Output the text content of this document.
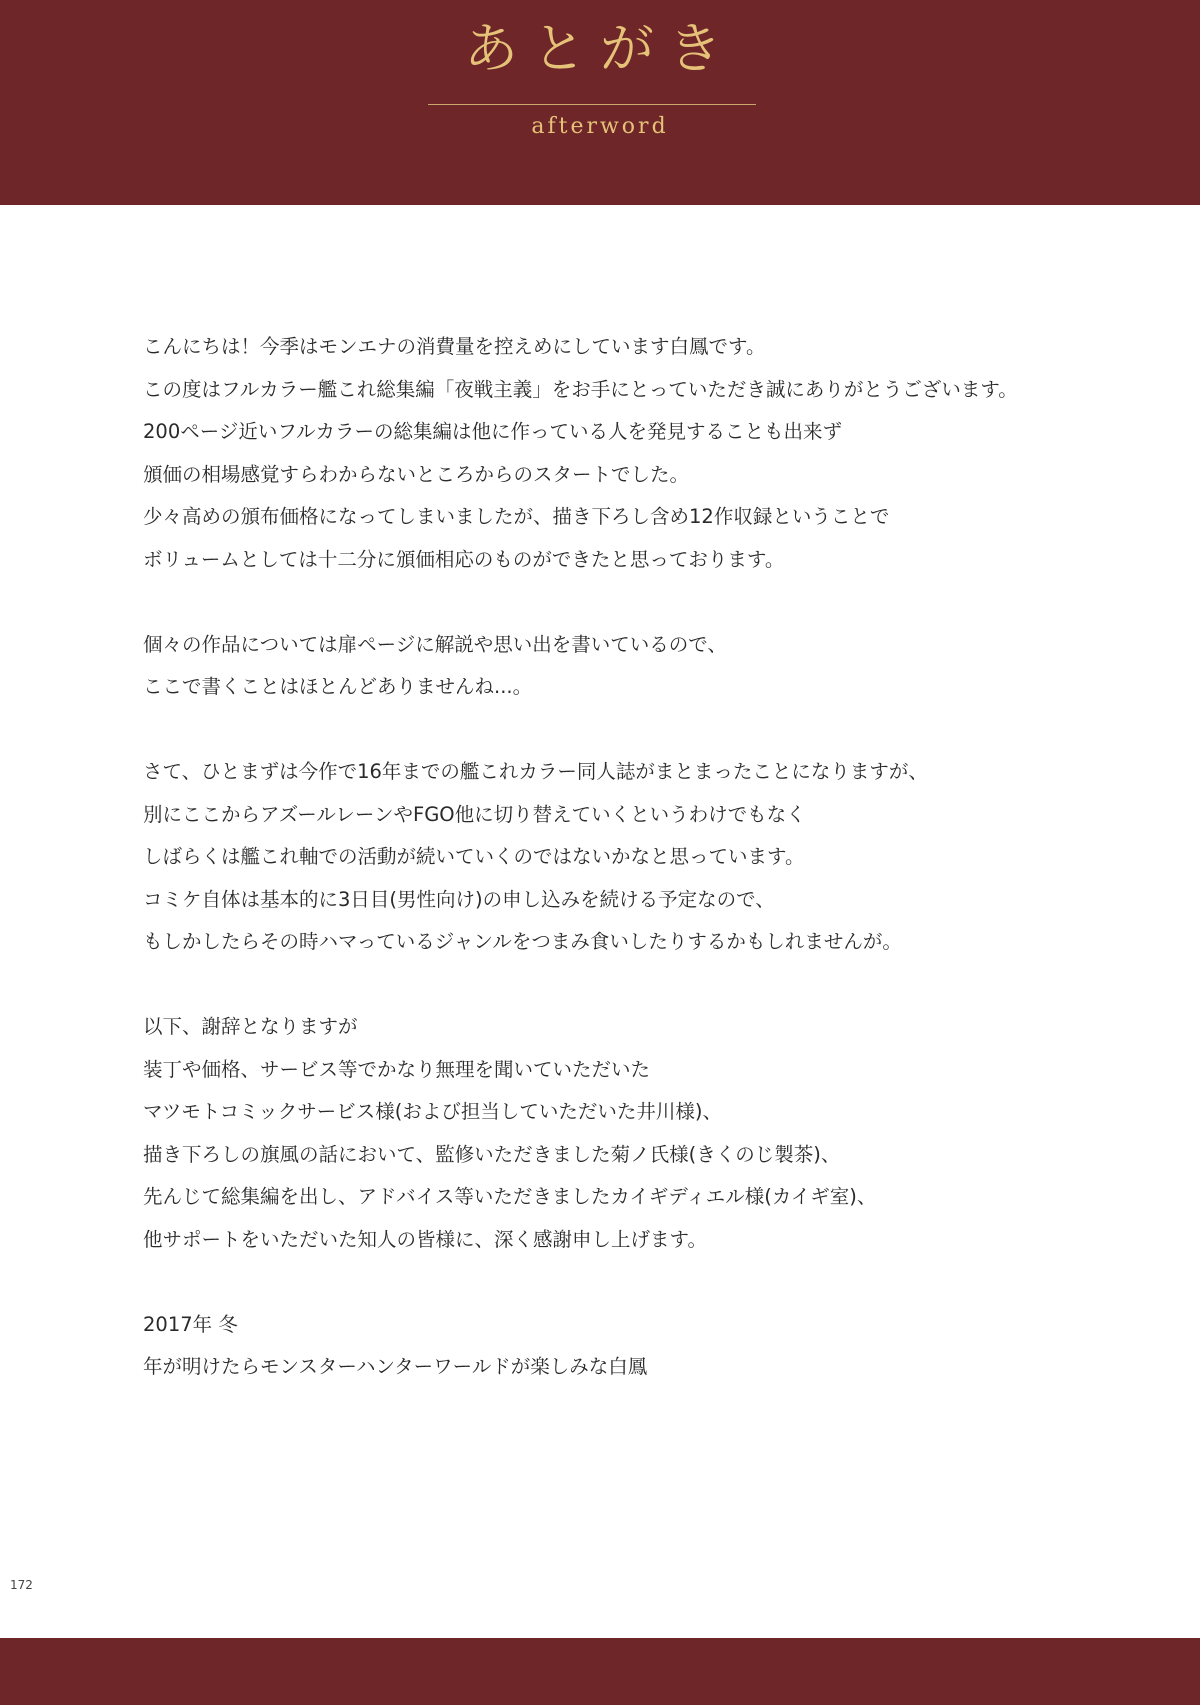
あとがき
afterword
こんにちは！今季はモンエナの消費量を控えめにしています白鳳です。
この度はフルカラー艦これ総集編「夜戦主義」をお手にとっていただき誠にありがとうございます。
200ページ近いフルカラーの総集編は他に作っている人を発見することも出来ず
頒価の相場感覚すらわからないところからのスタートでした。
少々高めの頒布価格になってしまいましたが、描き下ろし含め12作収録ということで
ボリュームとしては十二分に頒価相応のものができたと思っております。
個々の作品については扉ページに解説や思い出を書いているので、
ここで書くことはほとんどありませんね...。
さて、ひとまずは今作で16年までの艦これカラー同人誌がまとまったことになりますが、
別にここからアズールレーンやFGO他に切り替えていくというわけでもなく
しばらくは艦これ軸での活動が続いていくのではないかなと思っています。
コミケ自体は基本的に3日目(男性向け)の申し込みを続ける予定なので、
もしかしたらその時ハマっているジャンルをつまみ食いしたりするかもしれませんが。
以下、謝辞となりますが
装丁や価格、サービス等でかなり無理を聞いていただいた
マツモトコミックサービス様(および担当していただいた井川様)、
描き下ろしの旗風の話において、監修いただきました菊ノ氏様(きくのじ製茶)、
先んじて総集編を出し、アドバイス等いただきましたカイギディエル様(カイギ室)、
他サポートをいただいた知人の皆様に、深く感謝申し上げます。
2017年 冬
年が明けたらモンスターハンターワールドが楽しみな白鳳
172
